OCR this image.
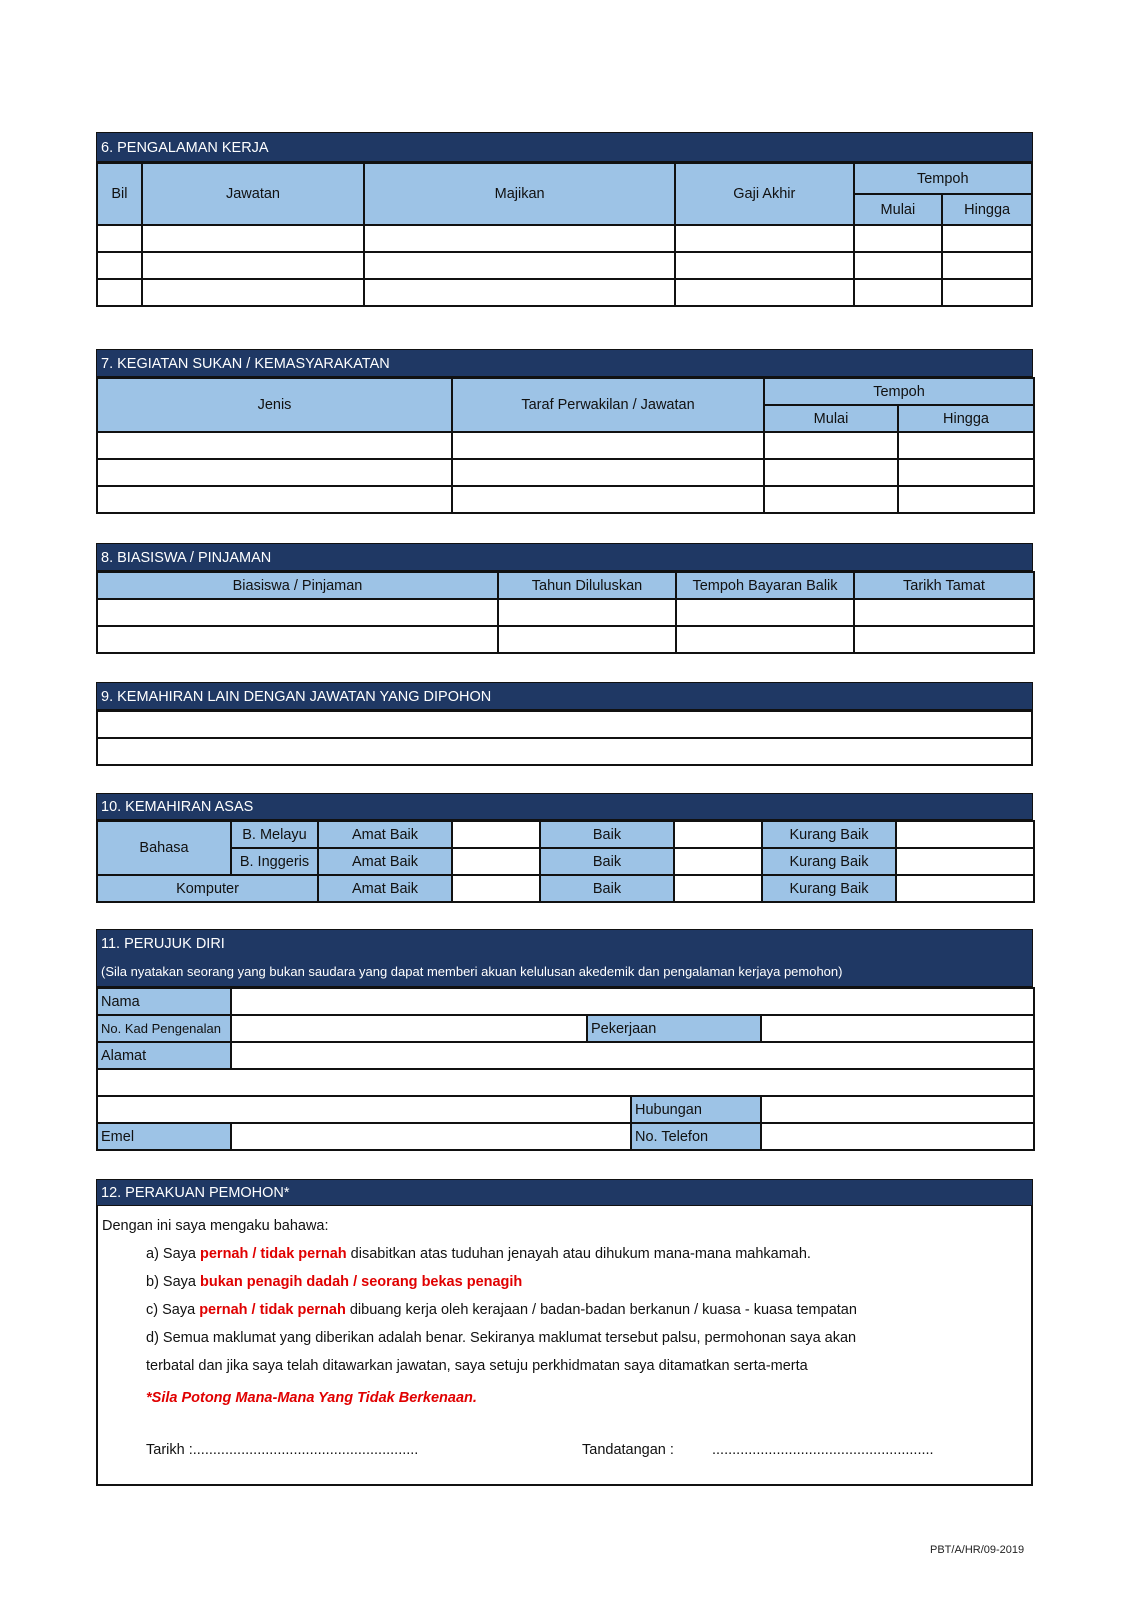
6. PENGALAMAN KERJA
Bil	Jawatan	Majikan	Gaji Akhir	Tempoh	
				Mulai	Hingga

7. KEGIATAN SUKAN / KEMASYARAKATAN
Jenis	Taraf Perwakilan / Jawatan	Tempoh	
		Mulai	Hingga

8. BIASISWA / PINJAMAN
Biasiswa / Pinjaman	Tahun Diluluskan	Tempoh Bayaran Balik	Tarikh Tamat

9. KEMAHIRAN LAIN DENGAN JAWATAN YANG DIPOHON

10. KEMAHIRAN ASAS
Bahasa	B. Melayu	Amat Baik		Baik		Kurang Baik	
	B. Inggeris	Amat Baik		Baik		Kurang Baik	
Komputer		Amat Baik		Baik		Kurang Baik	
11. PERUJUK DIRI
(Sila nyatakan seorang yang bukan saudara yang dapat memberi akuan kelulusan akedemik dan pengalaman kerjaya pemohon)
Nama				
No. Kad Pengenalan		Pekerjaan		
Alamat				

			Hubungan	
Emel			No. Telefon	
12. PERAKUAN PEMOHON*
Dengan ini saya mengaku bahawa:
a) Saya pernah / tidak pernah disabitkan atas tuduhan jenayah atau dihukum mana-mana mahkamah.
b) Saya bukan penagih dadah / seorang bekas penagih
c) Saya pernah / tidak pernah dibuang kerja oleh kerajaan / badan-badan berkanun / kuasa - kuasa tempatan
d) Semua maklumat yang diberikan adalah benar. Sekiranya maklumat tersebut palsu, permohonan saya akan
terbatal dan jika saya telah ditawarkan jawatan, saya setuju perkhidmatan saya ditamatkan serta-merta
*Sila Potong Mana-Mana Yang Tidak Berkenaan.
Tarikh :........................................................	Tandatangan :	.......................................................
PBT/A/HR/09-2019
